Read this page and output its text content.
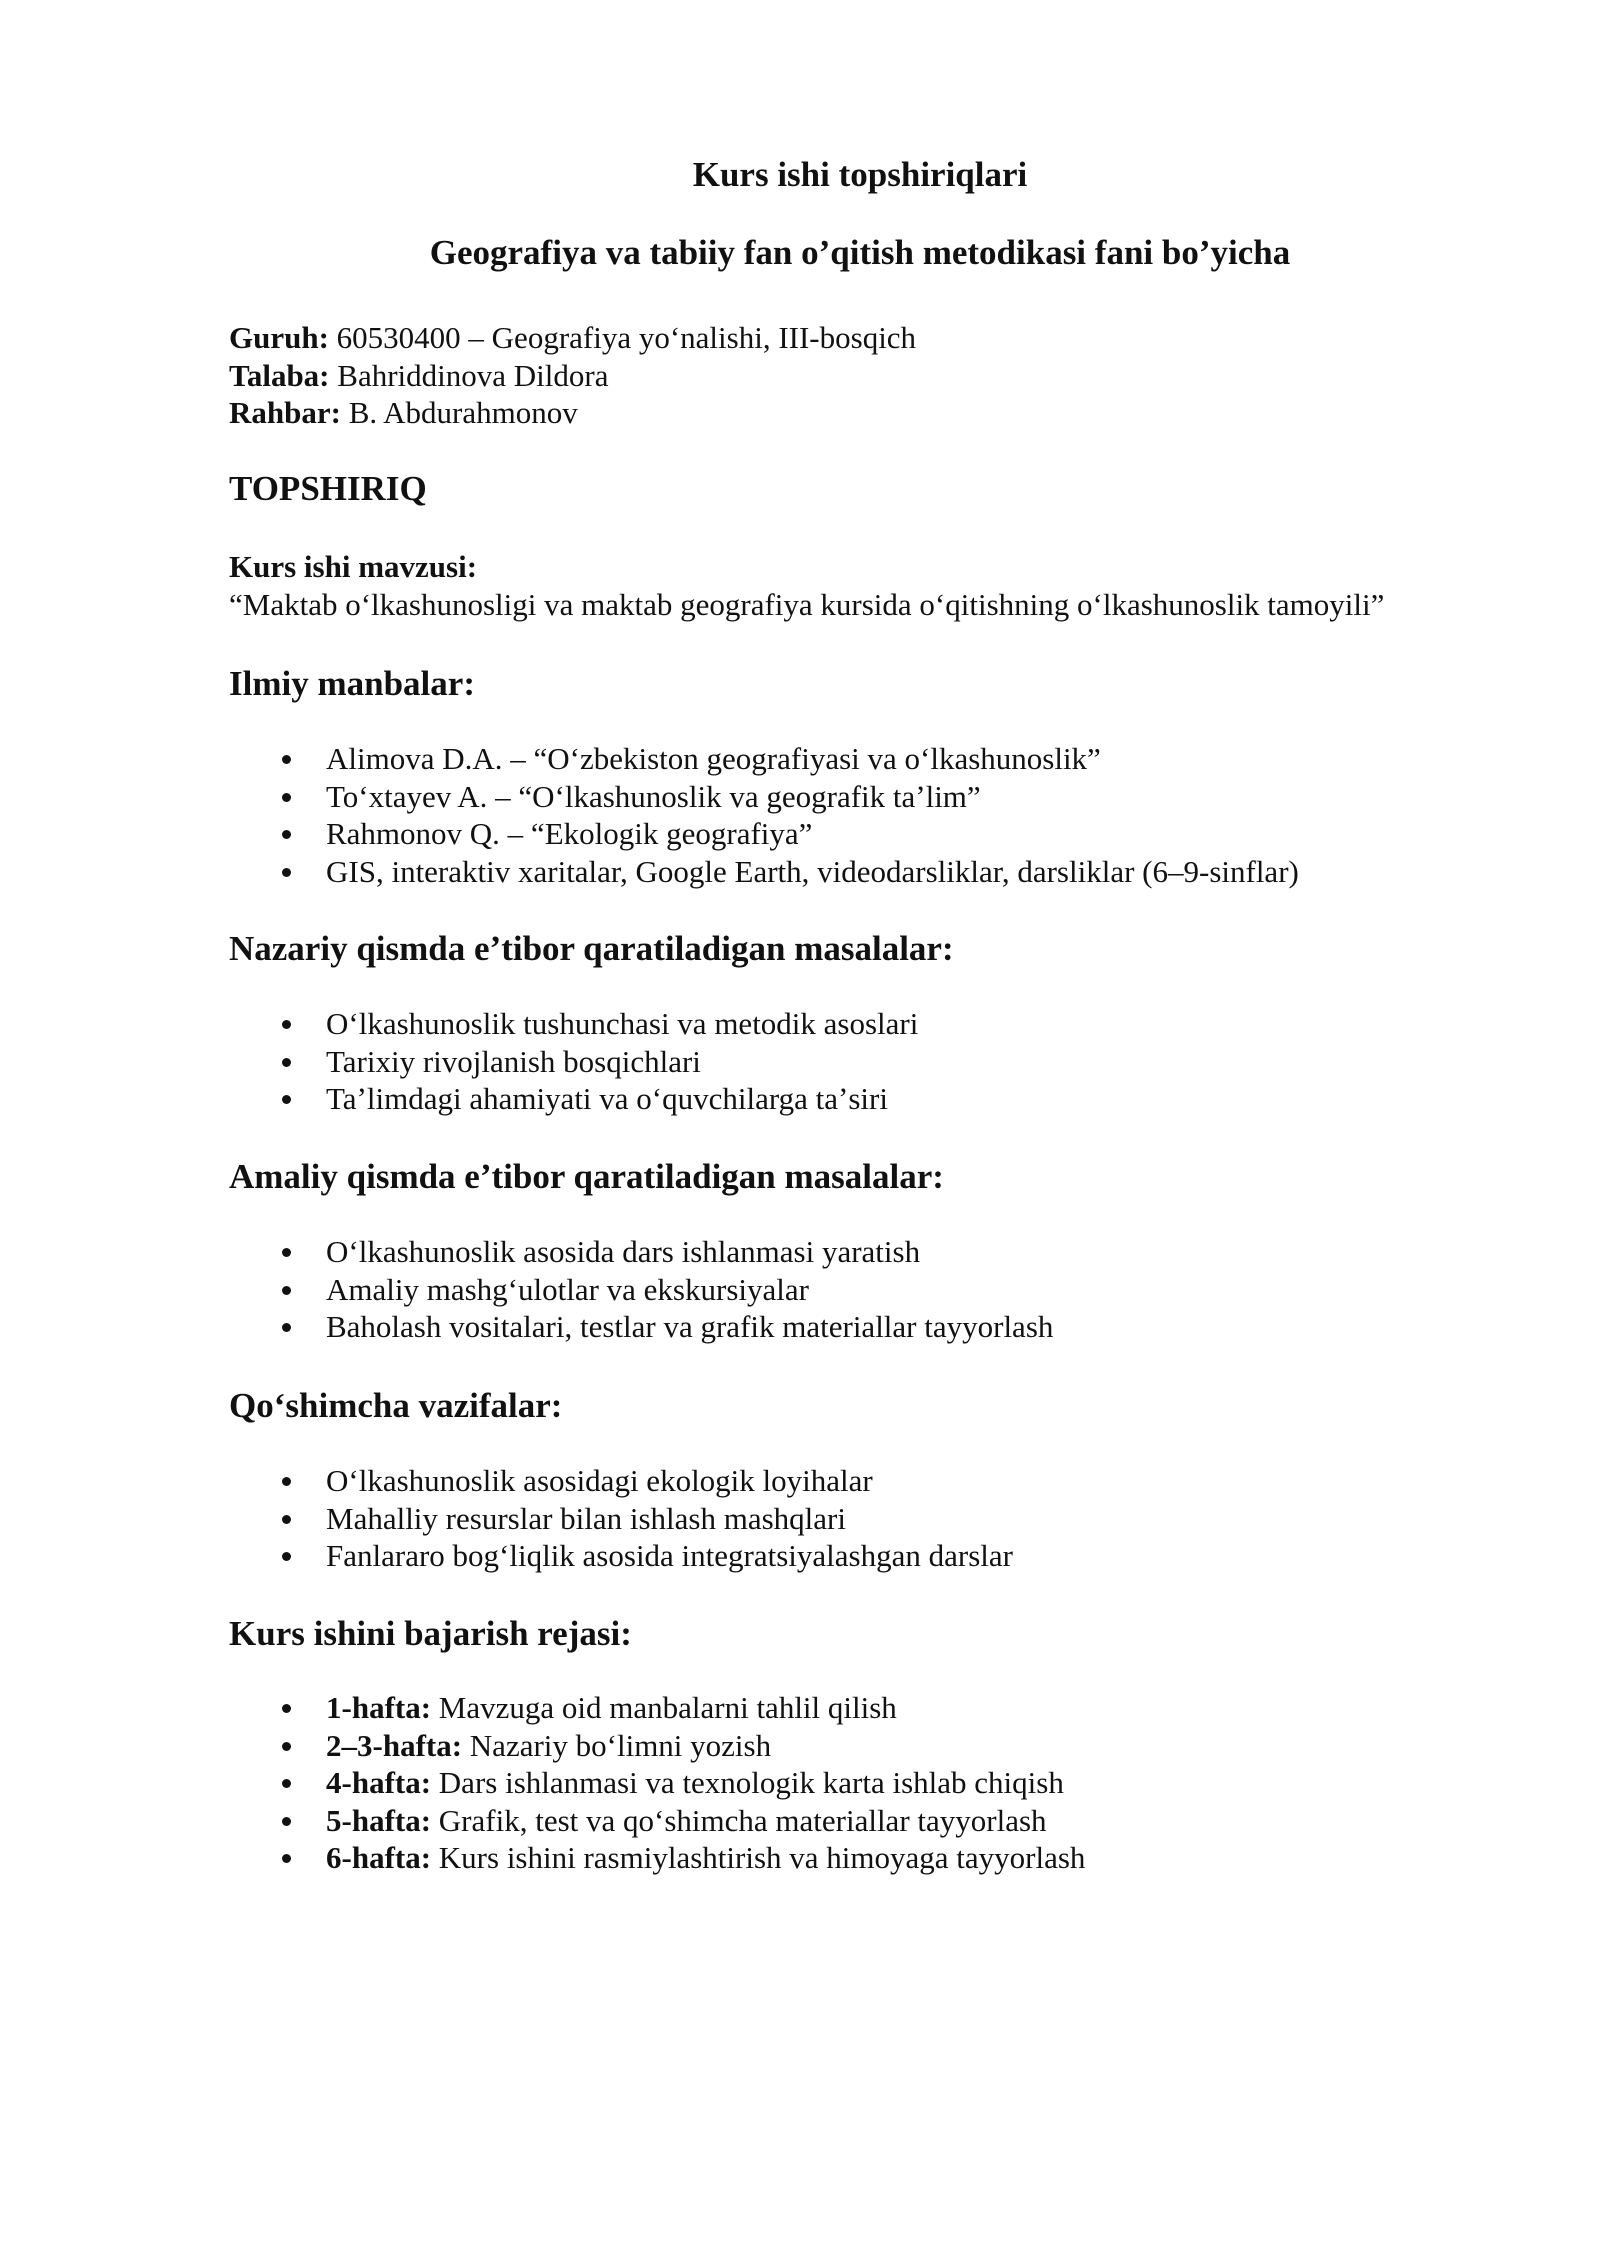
Kurs ishi topshiriqlari
Geografiya va tabiiy fan o’qitish metodikasi fani bo’yicha
Guruh: 60530400 – Geografiya yoʻnalishi, III-bosqich
Talaba: Bahriddinova Dildora
Rahbar: B. Abdurahmonov
TOPSHIRIQ
Kurs ishi mavzusi:
“Maktab oʻlkashunosligi va maktab geografiya kursida oʻqitishning oʻlkashunoslik tamoyili”
Ilmiy manbalar:
Alimova D.A. – “Oʻzbekiston geografiyasi va oʻlkashunoslik”
Toʻxtayev A. – “Oʻlkashunoslik va geografik taʼlim”
Rahmonov Q. – “Ekologik geografiya”
GIS, interaktiv xaritalar, Google Earth, videodarsliklar, darsliklar (6–9-sinflar)
Nazariy qismda eʼtibor qaratiladigan masalalar:
Oʻlkashunoslik tushunchasi va metodik asoslari
Tarixiy rivojlanish bosqichlari
Taʼlimdagi ahamiyati va oʻquvchilarga taʼsiri
Amaliy qismda eʼtibor qaratiladigan masalalar:
Oʻlkashunoslik asosida dars ishlanmasi yaratish
Amaliy mashgʻulotlar va ekskursiyalar
Baholash vositalari, testlar va grafik materiallar tayyorlash
Qoʻshimcha vazifalar:
Oʻlkashunoslik asosidagi ekologik loyihalar
Mahalliy resurslar bilan ishlash mashqlari
Fanlararo bogʻliqlik asosida integratsiyalashgan darslar
Kurs ishini bajarish rejasi:
1-hafta: Mavzuga oid manbalarni tahlil qilish
2–3-hafta: Nazariy boʻlimni yozish
4-hafta: Dars ishlanmasi va texnologik karta ishlab chiqish
5-hafta: Grafik, test va qoʻshimcha materiallar tayyorlash
6-hafta: Kurs ishini rasmiylashtirish va himoyaga tayyorlash
